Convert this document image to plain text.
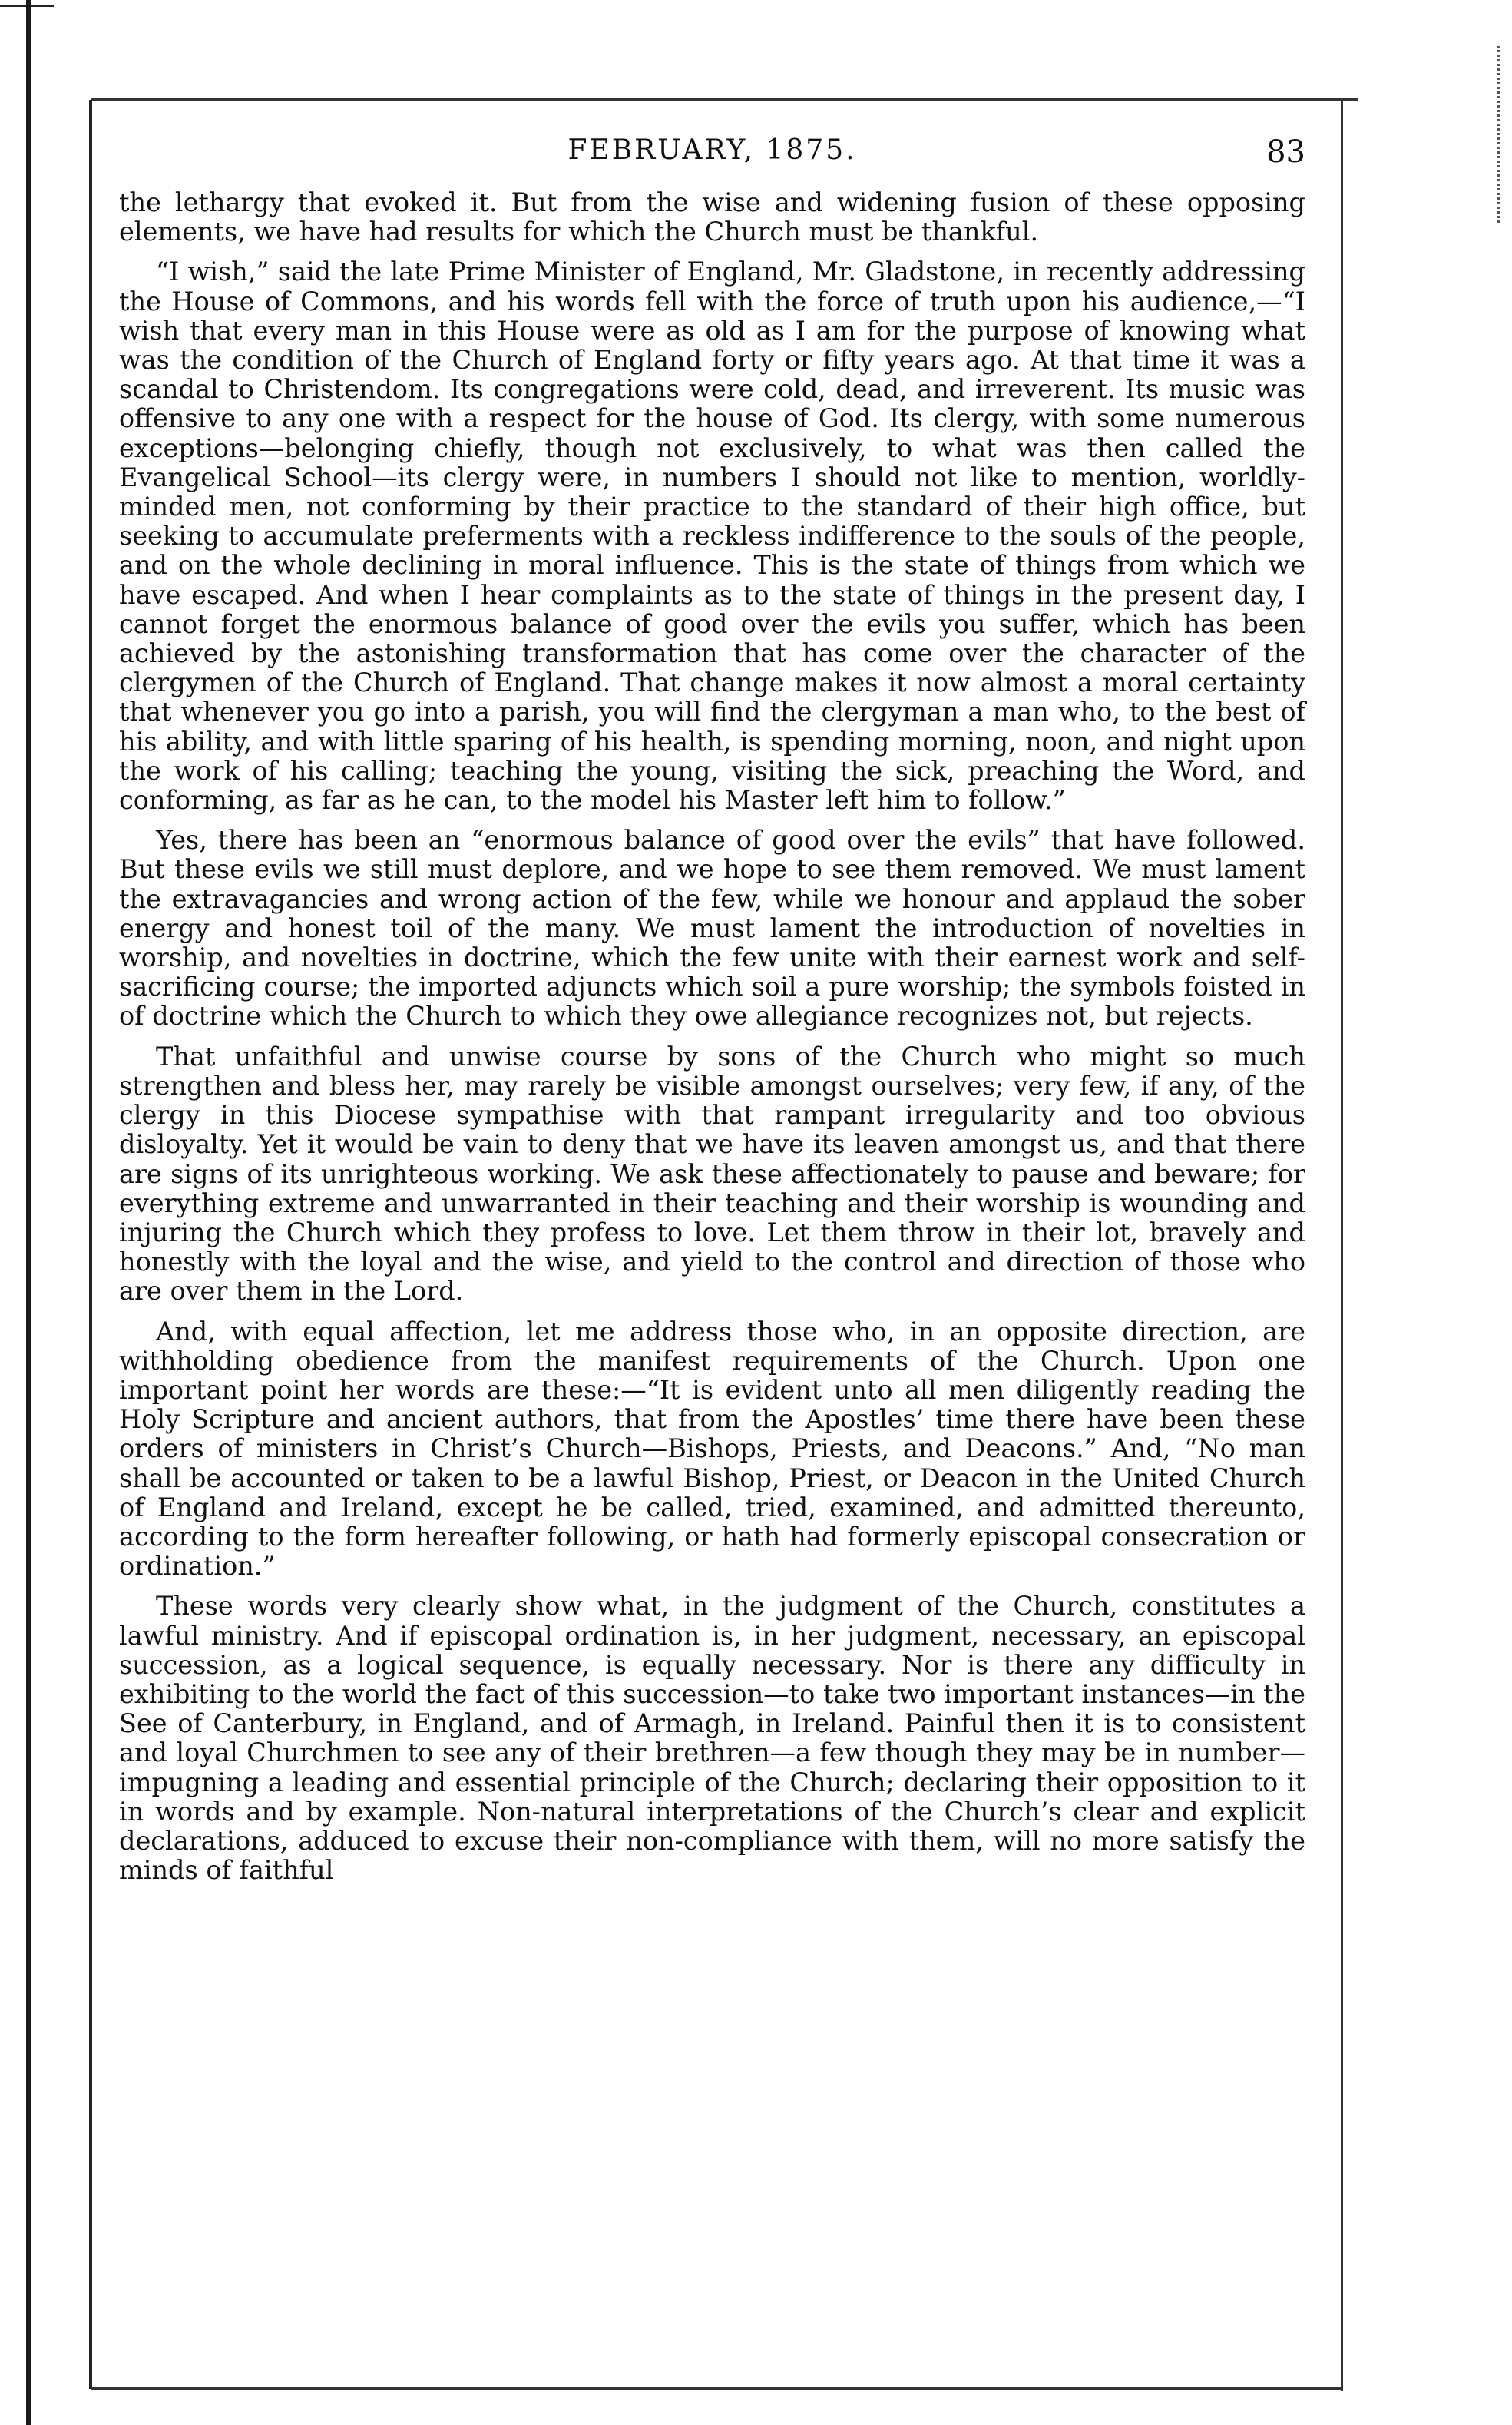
FEBRUARY, 1875.	83

the lethargy that evoked it. But from the wise and widening fusion of these opposing elements, we have had results for which the Church must be thankful.

“I wish,” said the late Prime Minister of England, Mr. Gladstone, in recently addressing the House of Commons, and his words fell with the force of truth upon his audience,—“I wish that every man in this House were as old as I am for the purpose of knowing what was the condition of the Church of England forty or fifty years ago. At that time it was a scandal to Christendom. Its congregations were cold, dead, and irreverent. Its music was offensive to any one with a respect for the house of God. Its clergy, with some numerous exceptions—belonging chiefly, though not exclusively, to what was then called the Evangelical School—its clergy were, in numbers I should not like to mention, worldly-minded men, not conforming by their practice to the standard of their high office, but seeking to accumulate preferments with a reckless indifference to the souls of the people, and on the whole declining in moral influence. This is the state of things from which we have escaped. And when I hear complaints as to the state of things in the present day, I cannot forget the enormous balance of good over the evils you suffer, which has been achieved by the astonishing transformation that has come over the character of the clergymen of the Church of England. That change makes it now almost a moral certainty that whenever you go into a parish, you will find the clergyman a man who, to the best of his ability, and with little sparing of his health, is spending morning, noon, and night upon the work of his calling; teaching the young, visiting the sick, preaching the Word, and conforming, as far as he can, to the model his Master left him to follow.”

Yes, there has been an “enormous balance of good over the evils” that have followed. But these evils we still must deplore, and we hope to see them removed. We must lament the extravagancies and wrong action of the few, while we honour and applaud the sober energy and honest toil of the many. We must lament the introduction of novelties in worship, and novelties in doctrine, which the few unite with their earnest work and self-sacrificing course; the imported adjuncts which soil a pure worship; the symbols foisted in of doctrine which the Church to which they owe allegiance recognizes not, but rejects.

That unfaithful and unwise course by sons of the Church who might so much strengthen and bless her, may rarely be visible amongst ourselves; very few, if any, of the clergy in this Diocese sympathise with that rampant irregularity and too obvious disloyalty. Yet it would be vain to deny that we have its leaven amongst us, and that there are signs of its unrighteous working. We ask these affectionately to pause and beware; for everything extreme and unwarranted in their teaching and their worship is wounding and injuring the Church which they profess to love. Let them throw in their lot, bravely and honestly with the loyal and the wise, and yield to the control and direction of those who are over them in the Lord.

And, with equal affection, let me address those who, in an opposite direction, are withholding obedience from the manifest requirements of the Church. Upon one important point her words are these:—“It is evident unto all men diligently reading the Holy Scripture and ancient authors, that from the Apostles’ time there have been these orders of ministers in Christ’s Church—Bishops, Priests, and Deacons.” And, “No man shall be accounted or taken to be a lawful Bishop, Priest, or Deacon in the United Church of England and Ireland, except he be called, tried, examined, and admitted thereunto, according to the form hereafter following, or hath had formerly episcopal consecration or ordination.”

These words very clearly show what, in the judgment of the Church, constitutes a lawful ministry. And if episcopal ordination is, in her judgment, necessary, an episcopal succession, as a logical sequence, is equally necessary. Nor is there any difficulty in exhibiting to the world the fact of this succession—to take two important instances—in the See of Canterbury, in England, and of Armagh, in Ireland. Painful then it is to consistent and loyal Churchmen to see any of their brethren—a few though they may be in number—impugning a leading and essential principle of the Church; declaring their opposition to it in words and by example. Non-natural interpretations of the Church’s clear and explicit declarations, adduced to excuse their non-compliance with them, will no more satisfy the minds of faithful
